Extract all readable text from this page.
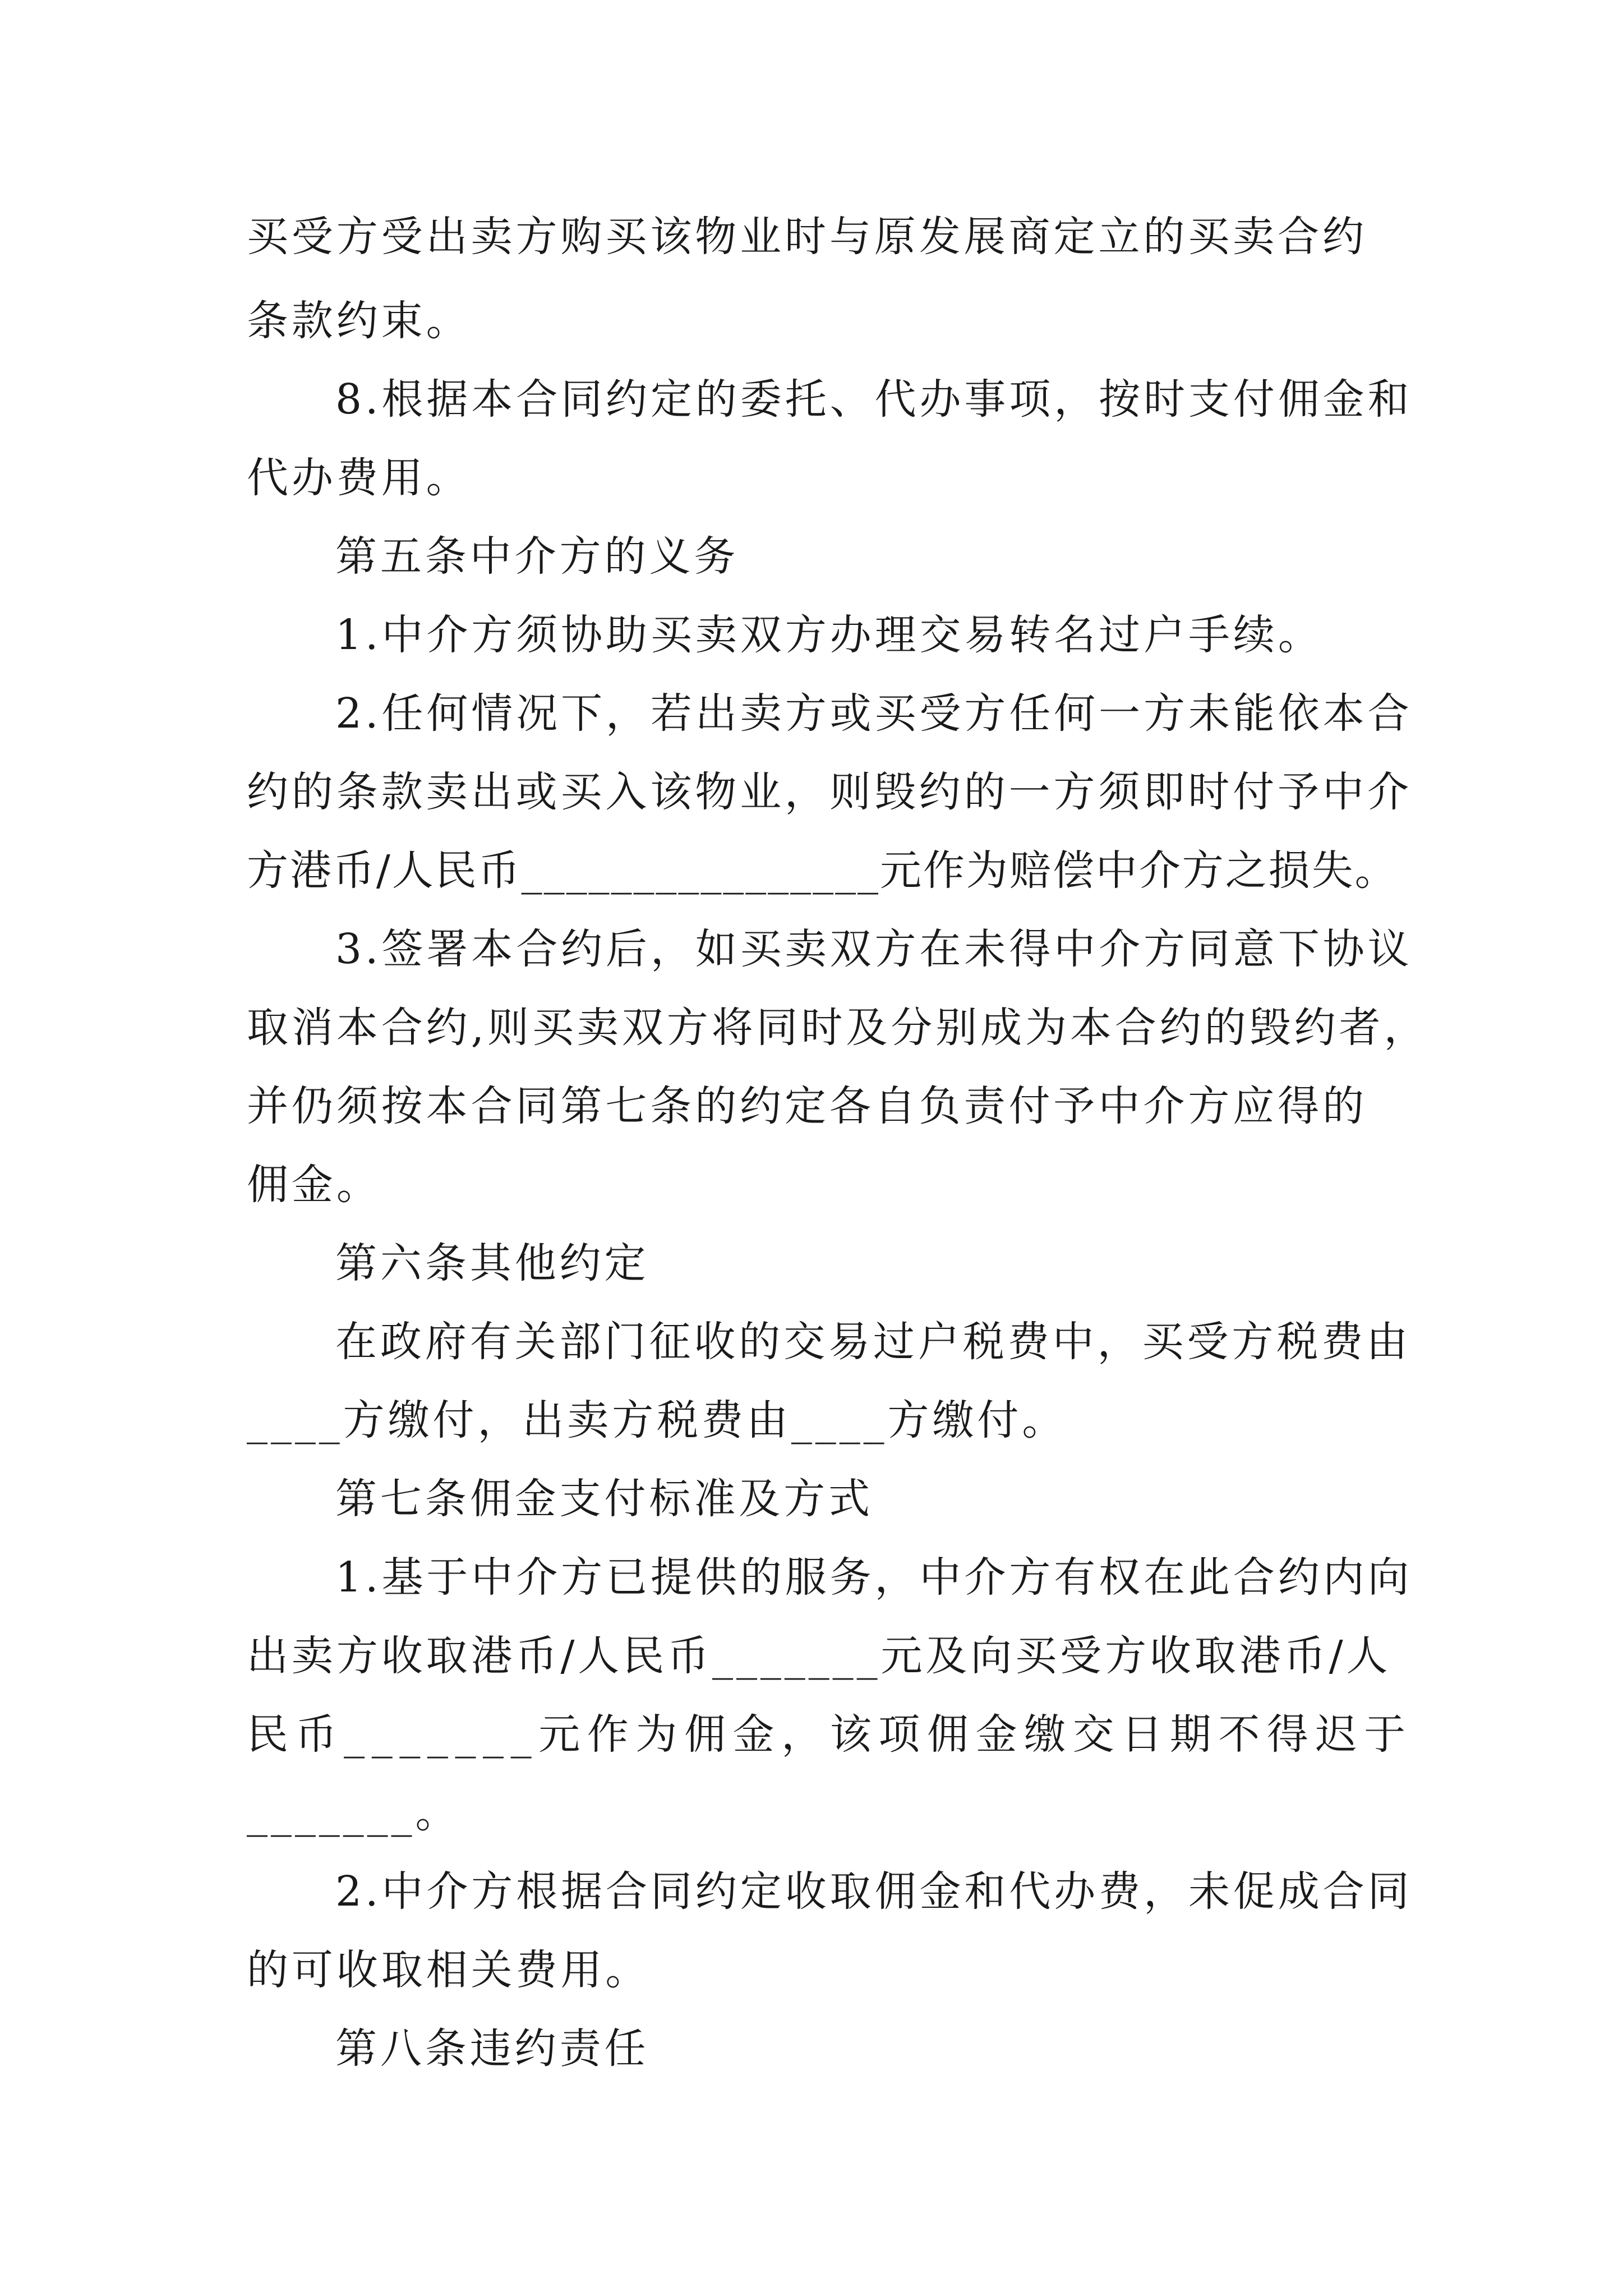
买受方受出卖方购买该物业时与原发展商定立的买卖合约
条款约束。
8.根据本合同约定的委托、代办事项，按时支付佣金和
代办费用。
第五条中介方的义务
1.中介方须协助买卖双方办理交易转名过户手续。
2.任何情况下，若出卖方或买受方任何一方未能依本合
约的条款卖出或买入该物业，则毁约的一方须即时付予中介
方港币/人民币________________元作为赔偿中介方之损失。
3.签署本合约后，如买卖双方在未得中介方同意下协议
取消本合约,则买卖双方将同时及分别成为本合约的毁约者，
并仍须按本合同第七条的约定各自负责付予中介方应得的
佣金。
第六条其他约定
在政府有关部门征收的交易过户税费中，买受方税费由
____方缴付，出卖方税费由____方缴付。
第七条佣金支付标准及方式
1.基于中介方已提供的服务，中介方有权在此合约内向
出卖方收取港币/人民币_______元及向买受方收取港币/人
民币_______元作为佣金，该项佣金缴交日期不得迟于
_______。
2.中介方根据合同约定收取佣金和代办费，未促成合同
的可收取相关费用。
第八条违约责任
